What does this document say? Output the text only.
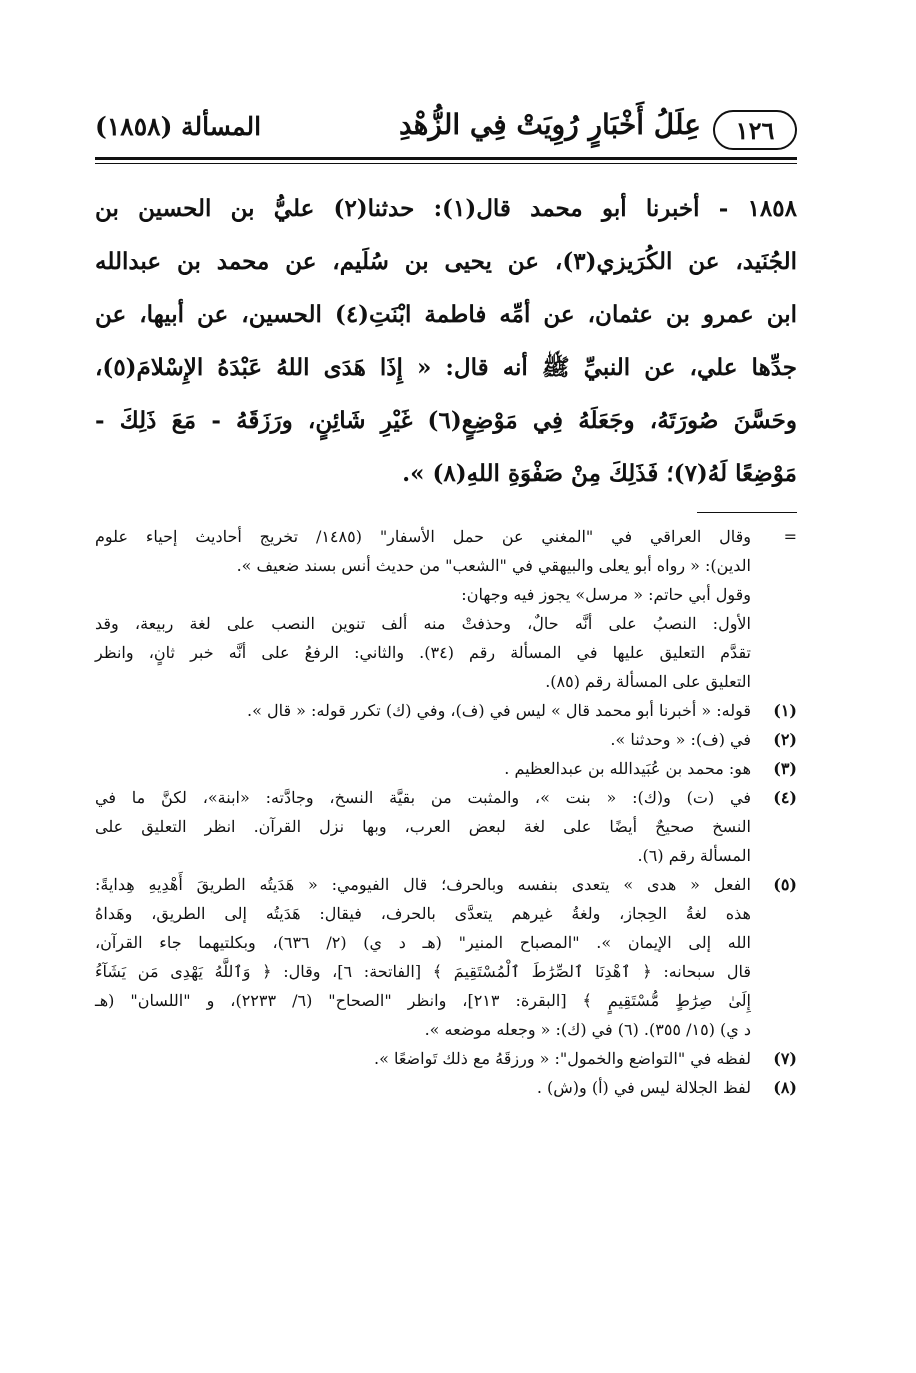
١٢٦
عِلَلُ أَخْبَارٍ رُوِيَتْ فِي الزُّهْدِ
المسألة (١٨٥٨)
١٨٥٨ - أخبرنا أبو محمد قال(١): حدثنا(٢) عليُّ بن الحسين بن
الجُنَيد، عن الكُرَيزي(٣)، عن يحيى بن سُلَيم، عن محمد بن عبدالله
ابن عمرو بن عثمان، عن أمِّه فاطمة ابْنَتِ(٤) الحسين، عن أبيها، عن
جدِّها علي، عن النبيِّ ﷺ أنه قال: « إِذَا هَدَى اللهُ عَبْدَهُ الإِسْلامَ(٥)،
وحَسَّنَ صُورَتَهُ، وجَعَلَهُ فِي مَوْضِعٍ(٦) غَيْرِ شَائِنٍ، ورَزَقَهُ - مَعَ ذَلِكَ -
مَوْضِعًا لَهُ(٧)؛ فَذَلِكَ مِنْ صَفْوَةِ اللهِ(٨) ».
=
وقال العراقي في "المغني عن حمل الأسفار" (١٤٨٥/ تخريج أحاديث إحياء علوم
الدين): « رواه أبو يعلى والبيهقي في "الشعب" من حديث أنس بسند ضعيف ».
وقول أبي حاتم: « مرسل» يجوز فيه وجهان:
الأول: النصبُ على أنَّه حالٌ، وحذفتْ منه ألف تنوين النصب على لغة ربيعة، وقد
تقدَّم التعليق عليها في المسألة رقم (٣٤). والثاني: الرفعُ على أنَّه خبر ثانٍ، وانظر
التعليق على المسألة رقم (٨٥).
(١)
قوله: « أخبرنا أبو محمد قال » ليس في (ف)، وفي (ك) تكرر قوله: « قال ».
(٢)
في (ف): « وحدثنا ».
(٣)
هو: محمد بن عُبَيدالله بن عبدالعظيم .
(٤)
في (ت) و(ك): « بنت »، والمثبت من بقيَّة النسخ، وجادَّته: «ابنة»، لكنَّ ما في
النسخ صحيحٌ أيضًا على لغة لبعض العرب، وبها نزل القرآن. انظر التعليق على
المسألة رقم (٦).
(٥)
الفعل « هدى » يتعدى بنفسه وبالحرف؛ قال الفيومي: « هَدَيتُه الطريقَ أَهْدِيهِ هِدايةً:
هذه لغةُ الحِجاز، ولغةُ غيرهم يتعدَّى بالحرف، فيقال: هَدَيتُه إلى الطريق، وهَداهُ
الله إلى الإيمان ». "المصباح المنير" (هـ د ي) (٢/ ٦٣٦)، وبكلتيهما جاء القرآن،
قال سبحانه: ﴿ ٱهْدِنَا ٱلصِّرَٰطَ ٱلْمُسْتَقِيمَ ﴾ [الفاتحة: ٦]، وقال: ﴿ وَٱللَّهُ يَهْدِى مَن يَشَآءُ
إِلَىٰ صِرَٰطٍ مُّسْتَقِيمٍ ﴾ [البقرة: ٢١٣]، وانظر "الصحاح" (٦/ ٢٢٣٣)، و "اللسان" (هـ
د ي) (١٥/ ٣٥٥). (٦) في (ك): « وجعله موضعه ».
(٧)
لفظه في "التواضع والخمول": « ورزقَهُ مع ذلك تَواضعًا ».
(٨)
لفظ الجلالة ليس في (أ) و(ش) .
